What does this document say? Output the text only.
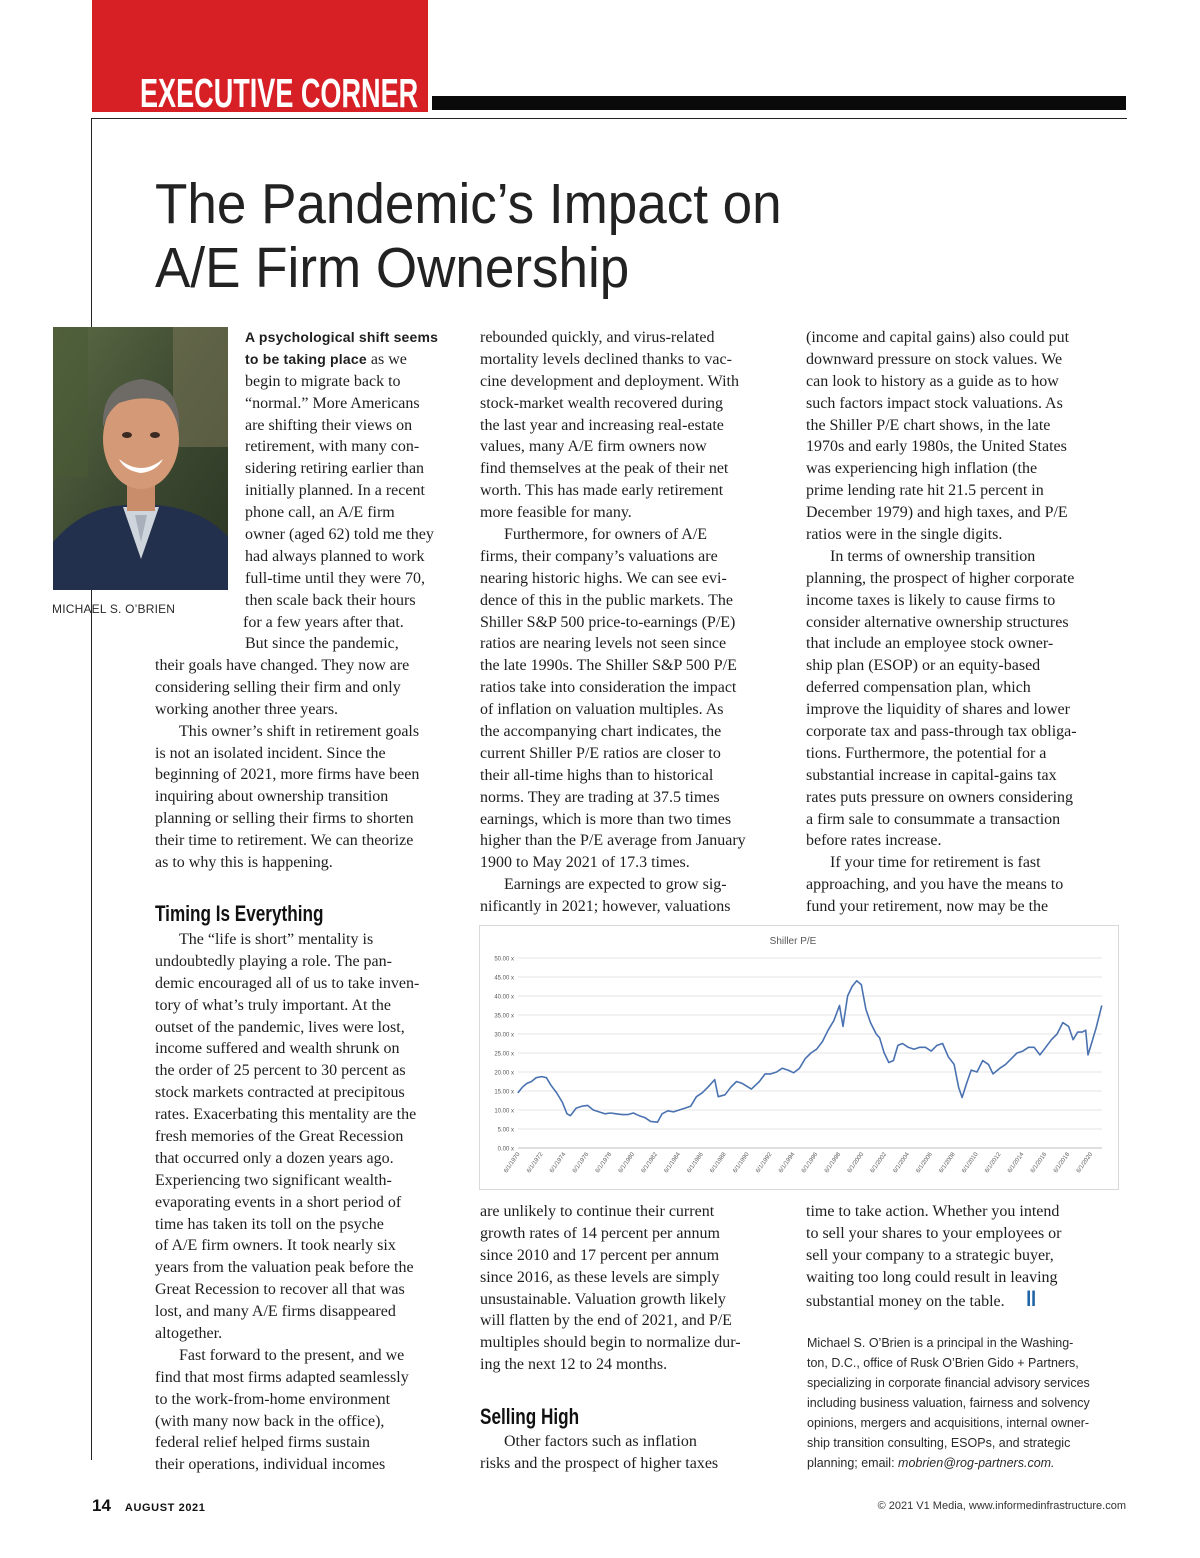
EXECUTIVE CORNER
The Pandemic’s Impact on
A/E Firm Ownership
MICHAEL S. O’BRIEN
A psychological shift seems
to be taking place as we
begin to migrate back to
“normal.” More Americans
are shifting their views on
retirement, with many con-
sidering retiring earlier than
initially planned. In a recent
phone call, an A/E firm
owner (aged 62) told me they
had always planned to work
full-time until they were 70,
then scale back their hours
for a few years after that.
But since the pandemic,
their goals have changed. They now are
considering selling their firm and only
working another three years.
This owner’s shift in retirement goals
is not an isolated incident. Since the
beginning of 2021, more firms have been
inquiring about ownership transition
planning or selling their firms to shorten
their time to retirement. We can theorize
as to why this is happening.
Timing Is Everything
The “life is short” mentality is
undoubtedly playing a role. The pan-
demic encouraged all of us to take inven-
tory of what’s truly important. At the
outset of the pandemic, lives were lost,
income suffered and wealth shrunk on
the order of 25 percent to 30 percent as
stock markets contracted at precipitous
rates. Exacerbating this mentality are the
fresh memories of the Great Recession
that occurred only a dozen years ago.
Experiencing two significant wealth-
evaporating events in a short period of
time has taken its toll on the psyche
of A/E firm owners. It took nearly six
years from the valuation peak before the
Great Recession to recover all that was
lost, and many A/E firms disappeared
altogether.
Fast forward to the present, and we
find that most firms adapted seamlessly
to the work-from-home environment
(with many now back in the office),
federal relief helped firms sustain
their operations, individual incomes
rebounded quickly, and virus-related
mortality levels declined thanks to vac-
cine development and deployment. With
stock-market wealth recovered during
the last year and increasing real-estate
values, many A/E firm owners now
find themselves at the peak of their net
worth. This has made early retirement
more feasible for many.
Furthermore, for owners of A/E
firms, their company’s valuations are
nearing historic highs. We can see evi-
dence of this in the public markets. The
Shiller S&P 500 price-to-earnings (P/E)
ratios are nearing levels not seen since
the late 1990s. The Shiller S&P 500 P/E
ratios take into consideration the impact
of inflation on valuation multiples. As
the accompanying chart indicates, the
current Shiller P/E ratios are closer to
their all-time highs than to historical
norms. They are trading at 37.5 times
earnings, which is more than two times
higher than the P/E average from January
1900 to May 2021 of 17.3 times.
Earnings are expected to grow sig-
nificantly in 2021; however, valuations
(income and capital gains) also could put
downward pressure on stock values. We
can look to history as a guide as to how
such factors impact stock valuations. As
the Shiller P/E chart shows, in the late
1970s and early 1980s, the United States
was experiencing high inflation (the
prime lending rate hit 21.5 percent in
December 1979) and high taxes, and P/E
ratios were in the single digits.
In terms of ownership transition
planning, the prospect of higher corporate
income taxes is likely to cause firms to
consider alternative ownership structures
that include an employee stock owner-
ship plan (ESOP) or an equity-based
deferred compensation plan, which
improve the liquidity of shares and lower
corporate tax and pass-through tax obliga-
tions. Furthermore, the potential for a
substantial increase in capital-gains tax
rates puts pressure on owners considering
a firm sale to consummate a transaction
before rates increase.
If your time for retirement is fast
approaching, and you have the means to
fund your retirement, now may be the
Shiller P/E
0.00 x
5.00 x
10.00 x
15.00 x
20.00 x
25.00 x
30.00 x
35.00 x
40.00 x
45.00 x
50.00 x
6/1/1970 6/1/1972 6/1/1974 6/1/1976 6/1/1978 6/1/1980 6/1/1982 6/1/1984 6/1/1986 6/1/1988 6/1/1990 6/1/1992 6/1/1994 6/1/1996 6/1/1998 6/1/2000 6/1/2002 6/1/2004 6/1/2006 6/1/2008 6/1/2010 6/1/2012 6/1/2014 6/1/2016 6/1/2018 6/1/2020
are unlikely to continue their current
growth rates of 14 percent per annum
since 2010 and 17 percent per annum
since 2016, as these levels are simply
unsustainable. Valuation growth likely
will flatten by the end of 2021, and P/E
multiples should begin to normalize dur-
ing the next 12 to 24 months.
Selling High
Other factors such as inflation
risks and the prospect of higher taxes
time to take action. Whether you intend
to sell your shares to your employees or
sell your company to a strategic buyer,
waiting too long could result in leaving
substantial money on the table. II
Michael S. O’Brien is a principal in the Washing-
ton, D.C., office of Rusk O’Brien Gido + Partners,
specializing in corporate financial advisory services
including business valuation, fairness and solvency
opinions, mergers and acquisitions, internal owner-
ship transition consulting, ESOPs, and strategic
planning; email: mobrien@rog-partners.com.
14 AUGUST 2021	© 2021 V1 Media, www.informedinfrastructure.com
